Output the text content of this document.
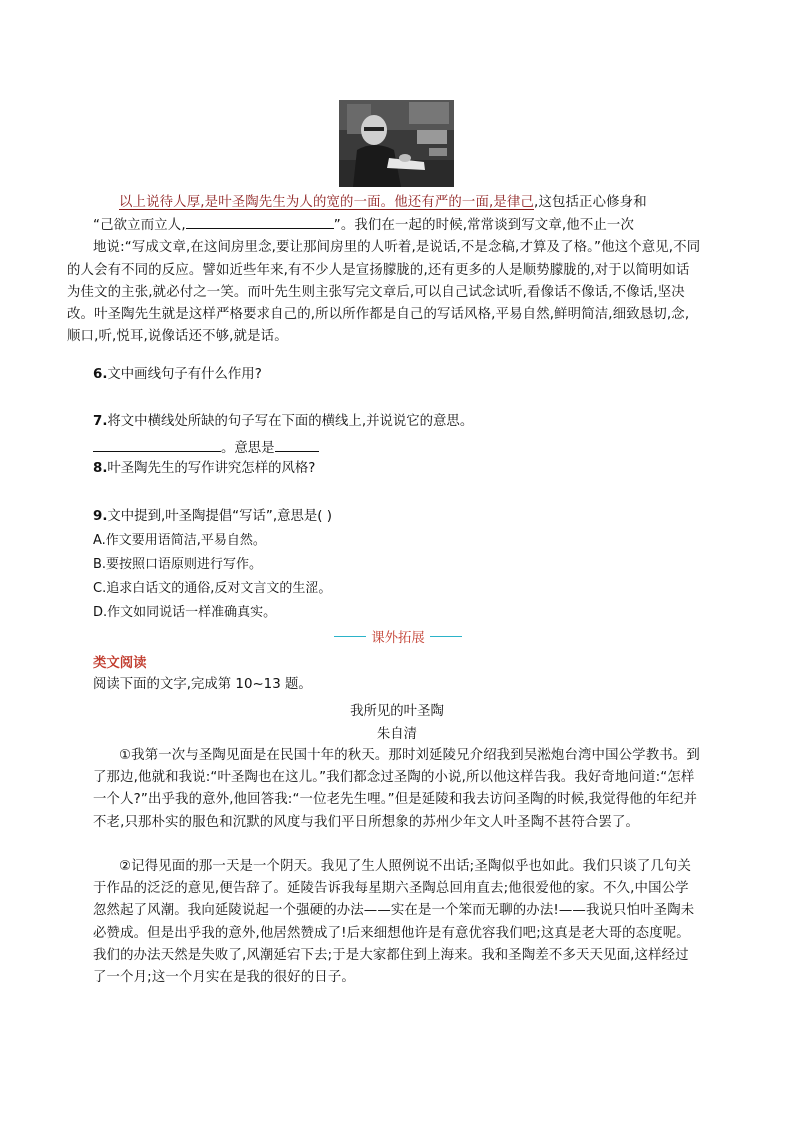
以上说待人厚,是叶圣陶先生为人的宽的一面。他还有严的一面,是律己,这包括正心修身和
“己欲立而立人,	”。我们在一起的时候,常常谈到写文章,他不止一次

地说:“写成文章,在这间房里念,要让那间房里的人听着,是说话,不是念稿,才算及了格。”他这个意见,不同的人会有不同的反应。譬如近些年来,有不少人是宣扬朦胧的,还有更多的人是顺势朦胧的,对于以简明如话为佳文的主张,就必付之一笑。而叶先生则主张写完文章后,可以自己试念试听,看像话不像话,不像话,坚决改。叶圣陶先生就是这样严格要求自己的,所以所作都是自己的写话风格,平易自然,鲜明简洁,细致恳切,念,顺口,听,悦耳,说像话还不够,就是话。
6.文中画线句子有什么作用?
7.将文中横线处所缺的句子写在下面的横线上,并说说它的意思。
。意思是
8.叶圣陶先生的写作讲究怎样的风格?
9.文中提到,叶圣陶提倡“写话”,意思是( )
A.作文要用语简洁,平易自然。
B.要按照口语原则进行写作。
C.追求白话文的通俗,反对文言文的生涩。
D.作文如同说话一样准确真实。
课外拓展
类文阅读
阅读下面的文字,完成第 10~13 题。
我所见的叶圣陶
朱自清
①我第一次与圣陶见面是在民国十年的秋天。那时刘延陵兄介绍我到吴淞炮台湾中国公学教书。到了那边,他就和我说:“叶圣陶也在这儿。”我们都念过圣陶的小说,所以他这样告我。我好奇地问道:“怎样一个人?”出乎我的意外,他回答我:“一位老先生哩。”但是延陵和我去访问圣陶的时候,我觉得他的年纪并不老,只那朴实的服色和沉默的风度与我们平日所想象的苏州少年文人叶圣陶不甚符合罢了。
②记得见面的那一天是一个阴天。我见了生人照例说不出话;圣陶似乎也如此。我们只谈了几句关于作品的泛泛的意见,便告辞了。延陵告诉我每星期六圣陶总回甪直去;他很爱他的家。不久,中国公学忽然起了风潮。我向延陵说起一个强硬的办法——实在是一个笨而无聊的办法!——我说只怕叶圣陶未必赞成。但是出乎我的意外,他居然赞成了!后来细想他许是有意优容我们吧;这真是老大哥的态度呢。我们的办法天然是失败了,风潮延宕下去;于是大家都住到上海来。我和圣陶差不多天天见面,这样经过了一个月;这一个月实在是我的很好的日子。
